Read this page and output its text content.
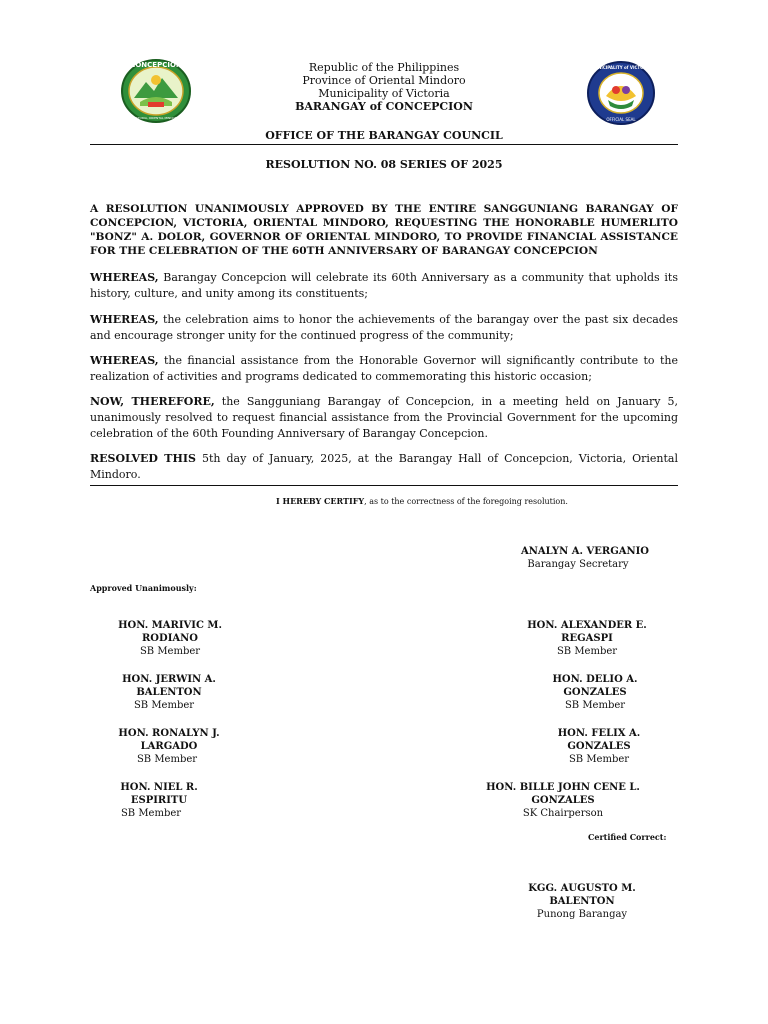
CONCEPCION
VICTORIA, ORIENTAL MINDORO
Republic of the Philippines
Province of Oriental Mindoro
Municipality of Victoria
BARANGAY of CONCEPCION
MUNICIPALITY of VICTORIA
OFFICIAL SEAL
OFFICE OF THE BARANGAY COUNCIL
RESOLUTION NO. 08 SERIES OF 2025
A RESOLUTION UNANIMOUSLY APPROVED BY THE ENTIRE SANGGUNIANG BARANGAY OF CONCEPCION, VICTORIA, ORIENTAL MINDORO, REQUESTING THE HONORABLE HUMERLITO "BONZ" A. DOLOR, GOVERNOR OF ORIENTAL MINDORO, TO PROVIDE FINANCIAL ASSISTANCE FOR THE CELEBRATION OF THE 60TH ANNIVERSARY OF BARANGAY CONCEPCION
WHEREAS, Barangay Concepcion will celebrate its 60th Anniversary as a community that upholds its history, culture, and unity among its constituents;
WHEREAS, the celebration aims to honor the achievements of the barangay over the past six decades and encourage stronger unity for the continued progress of the community;
WHEREAS, the financial assistance from the Honorable Governor will significantly contribute to the realization of activities and programs dedicated to commemorating this historic occasion;
NOW, THEREFORE, the Sangguniang Barangay of Concepcion, in a meeting held on January 5, unanimously resolved to request financial assistance from the Provincial Government for the upcoming celebration of the 60th Founding Anniversary of Barangay Concepcion.
RESOLVED THIS 5th day of January, 2025, at the Barangay Hall of Concepcion, Victoria, Oriental Mindoro.
I HEREBY CERTIFY, as to the correctness of the foregoing resolution.
ANALYN A. VERGANIO
Barangay Secretary
Approved Unanimously:
HON. MARIVIC M. RODIANO
SB Member
HON. JERWIN A. BALENTON
SB Member
HON. RONALYN J. LARGADO
SB Member
HON. NIEL R. ESPIRITU
SB Member
HON. ALEXANDER E. REGASPI
SB Member
HON. DELIO A. GONZALES
SB Member
HON. FELIX A. GONZALES
SB Member
HON. BILLE JOHN CENE L. GONZALES
SK Chairperson
Certified Correct:
KGG. AUGUSTO M. BALENTON
Punong Barangay
